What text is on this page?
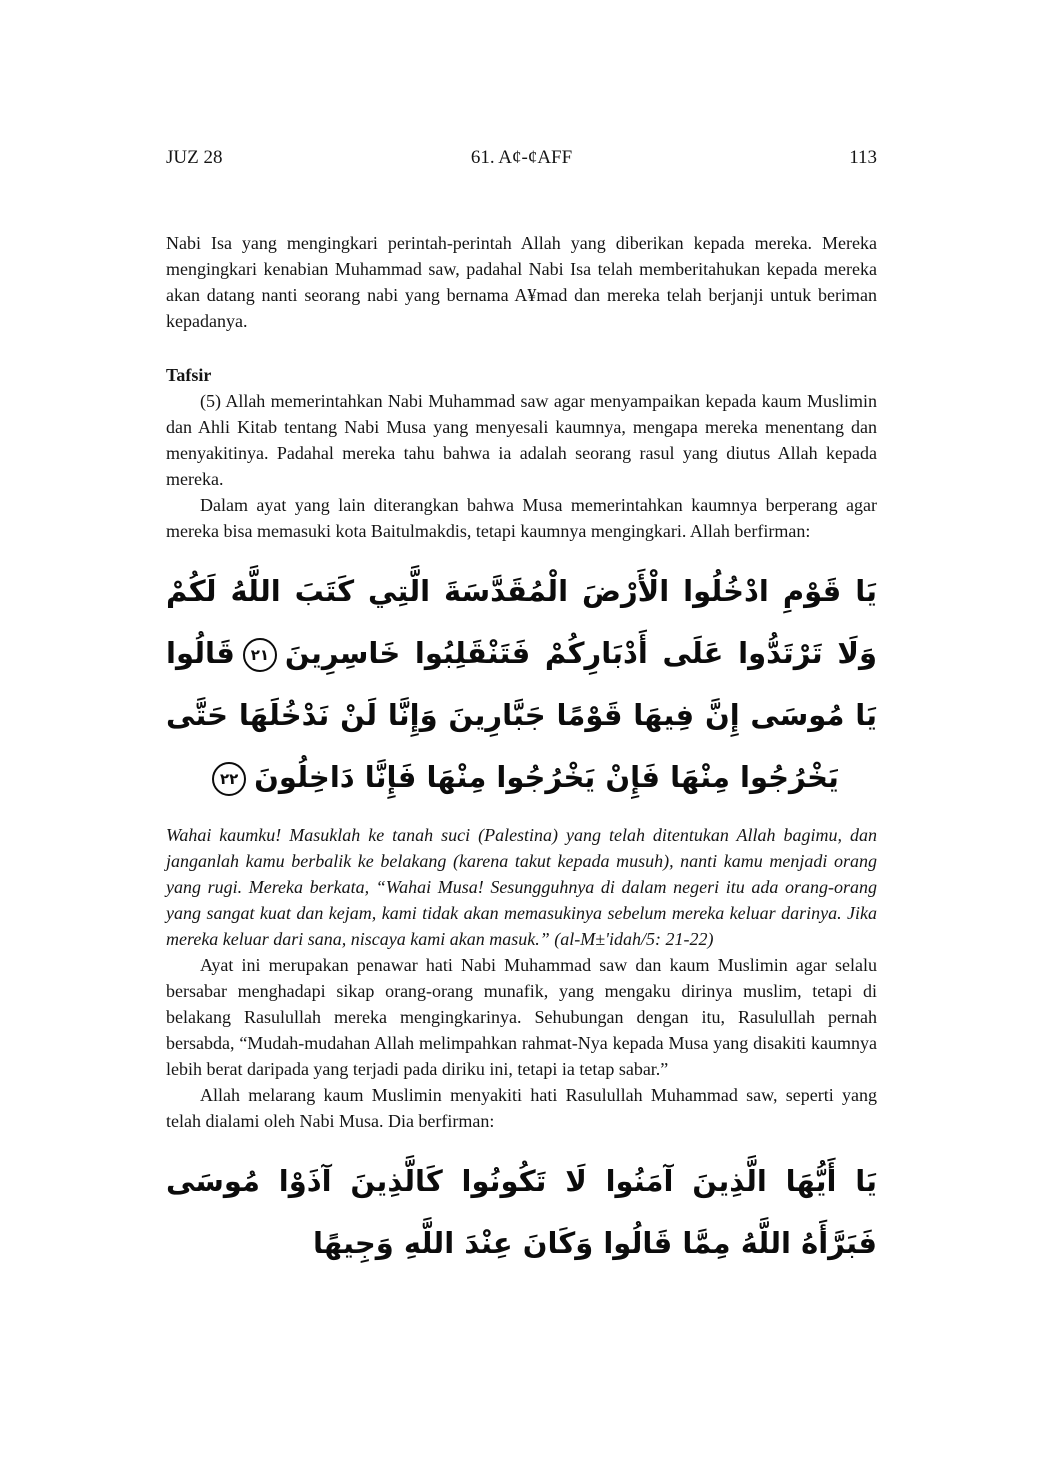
JUZ 28	61. A¢-¢AFF	113

Nabi Isa yang mengingkari perintah-perintah Allah yang diberikan kepada mereka. Mereka mengingkari kenabian Muhammad saw, padahal Nabi Isa telah memberitahukan kepada mereka akan datang nanti seorang nabi yang bernama A¥mad dan mereka telah berjanji untuk beriman kepadanya.

Tafsir

(5) Allah memerintahkan Nabi Muhammad saw agar menyampaikan kepada kaum Muslimin dan Ahli Kitab tentang Nabi Musa yang menyesali kaumnya, mengapa mereka menentang dan menyakitinya. Padahal mereka tahu bahwa ia adalah seorang rasul yang diutus Allah kepada mereka.

Dalam ayat yang lain diterangkan bahwa Musa memerintahkan kaumnya berperang agar mereka bisa memasuki kota Baitulmakdis, tetapi kaumnya mengingkari. Allah berfirman:

يَا قَوْمِ ادْخُلُوا الْأَرْضَ الْمُقَدَّسَةَ الَّتِي كَتَبَ اللَّهُ لَكُمْ وَلَا تَرْتَدُّوا عَلَى أَدْبَارِكُمْ فَتَنْقَلِبُوا خَاسِرِينَ٢١قَالُوا يَا مُوسَى إِنَّ فِيهَا قَوْمًا جَبَّارِينَ وَإِنَّا لَنْ نَدْخُلَهَا حَتَّى يَخْرُجُوا مِنْهَا فَإِنْ يَخْرُجُوا مِنْهَا فَإِنَّا دَاخِلُونَ٢٢

Wahai kaumku! Masuklah ke tanah suci (Palestina) yang telah ditentukan Allah bagimu, dan janganlah kamu berbalik ke belakang (karena takut kepada musuh), nanti kamu menjadi orang yang rugi. Mereka berkata, “Wahai Musa! Sesungguhnya di dalam negeri itu ada orang-orang yang sangat kuat dan kejam, kami tidak akan memasukinya sebelum mereka keluar darinya. Jika mereka keluar dari sana, niscaya kami akan masuk.” (al-M±'idah/5: 21-22)

Ayat ini merupakan penawar hati Nabi Muhammad saw dan kaum Muslimin agar selalu bersabar menghadapi sikap orang-orang munafik, yang mengaku dirinya muslim, tetapi di belakang Rasulullah mereka mengingkarinya. Sehubungan dengan itu, Rasulullah pernah bersabda, “Mudah-mudahan Allah melimpahkan rahmat-Nya kepada Musa yang disakiti kaumnya lebih berat daripada yang terjadi pada diriku ini, tetapi ia tetap sabar.”

Allah melarang kaum Muslimin menyakiti hati Rasulullah Muhammad saw, seperti yang telah dialami oleh Nabi Musa. Dia berfirman:

يَا أَيُّهَا الَّذِينَ آمَنُوا لَا تَكُونُوا كَالَّذِينَ آذَوْا مُوسَى فَبَرَّأَهُ اللَّهُ مِمَّا قَالُوا وَكَانَ عِنْدَ اللَّهِ وَجِيهًا
